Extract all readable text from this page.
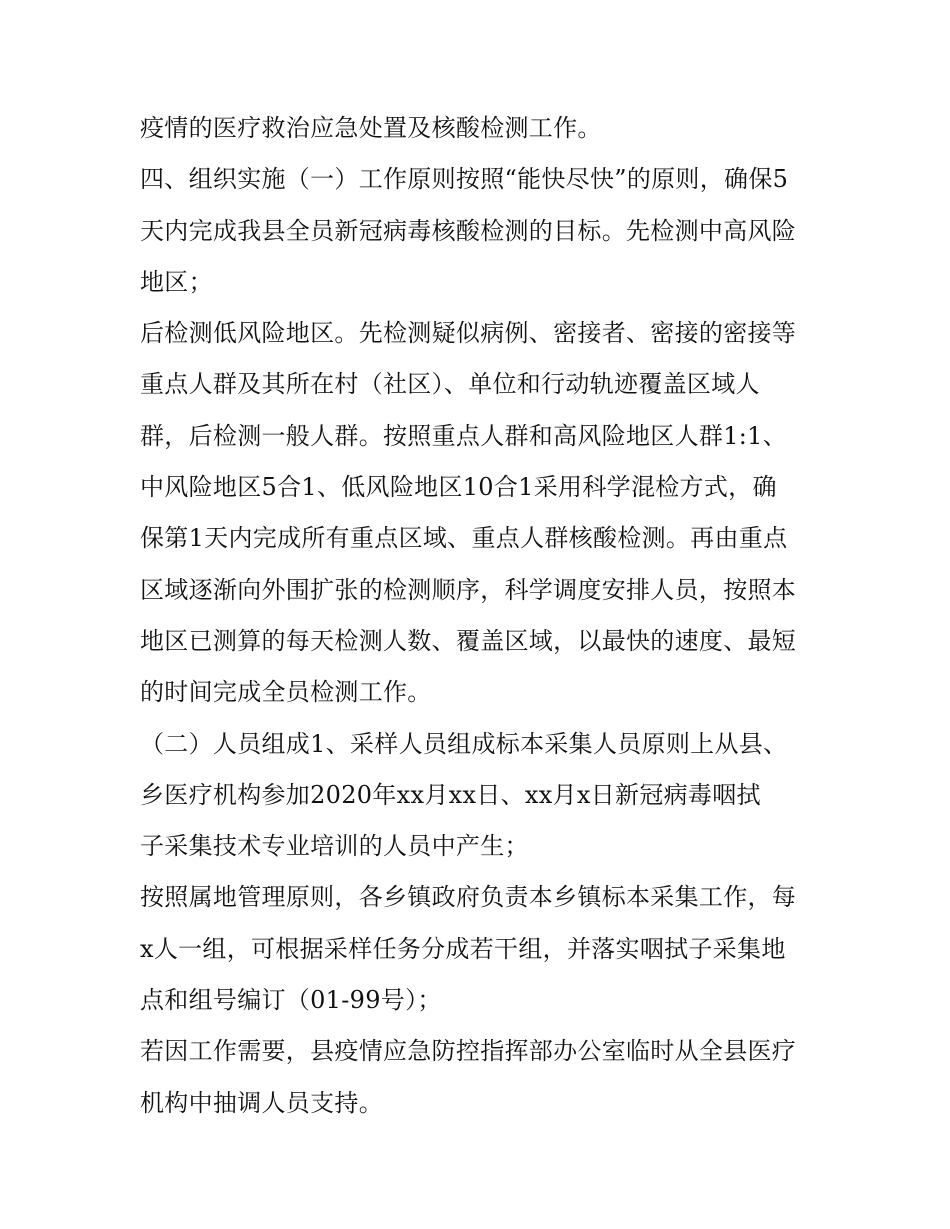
疫情的医疗救治应急处置及核酸检测工作。
四、组织实施（一）工作原则按照“能快尽快”的原则，确保5
天内完成我县全员新冠病毒核酸检测的目标。先检测中高风险
地区；
后检测低风险地区。先检测疑似病例、密接者、密接的密接等
重点人群及其所在村（社区）、单位和行动轨迹覆盖区域人
群，后检测一般人群。按照重点人群和高风险地区人群1:1、
中风险地区5合1、低风险地区10合1采用科学混检方式，确
保第1天内完成所有重点区域、重点人群核酸检测。再由重点
区域逐渐向外围扩张的检测顺序，科学调度安排人员，按照本
地区已测算的每天检测人数、覆盖区域，以最快的速度、最短
的时间完成全员检测工作。
（二）人员组成1、采样人员组成标本采集人员原则上从县、
乡医疗机构参加2020年xx月xx日、xx月x日新冠病毒咽拭
子采集技术专业培训的人员中产生；
按照属地管理原则，各乡镇政府负责本乡镇标本采集工作，每
x人一组，可根据采样任务分成若干组，并落实咽拭子采集地
点和组号编订（01-99号）；
若因工作需要，县疫情应急防控指挥部办公室临时从全县医疗
机构中抽调人员支持。
